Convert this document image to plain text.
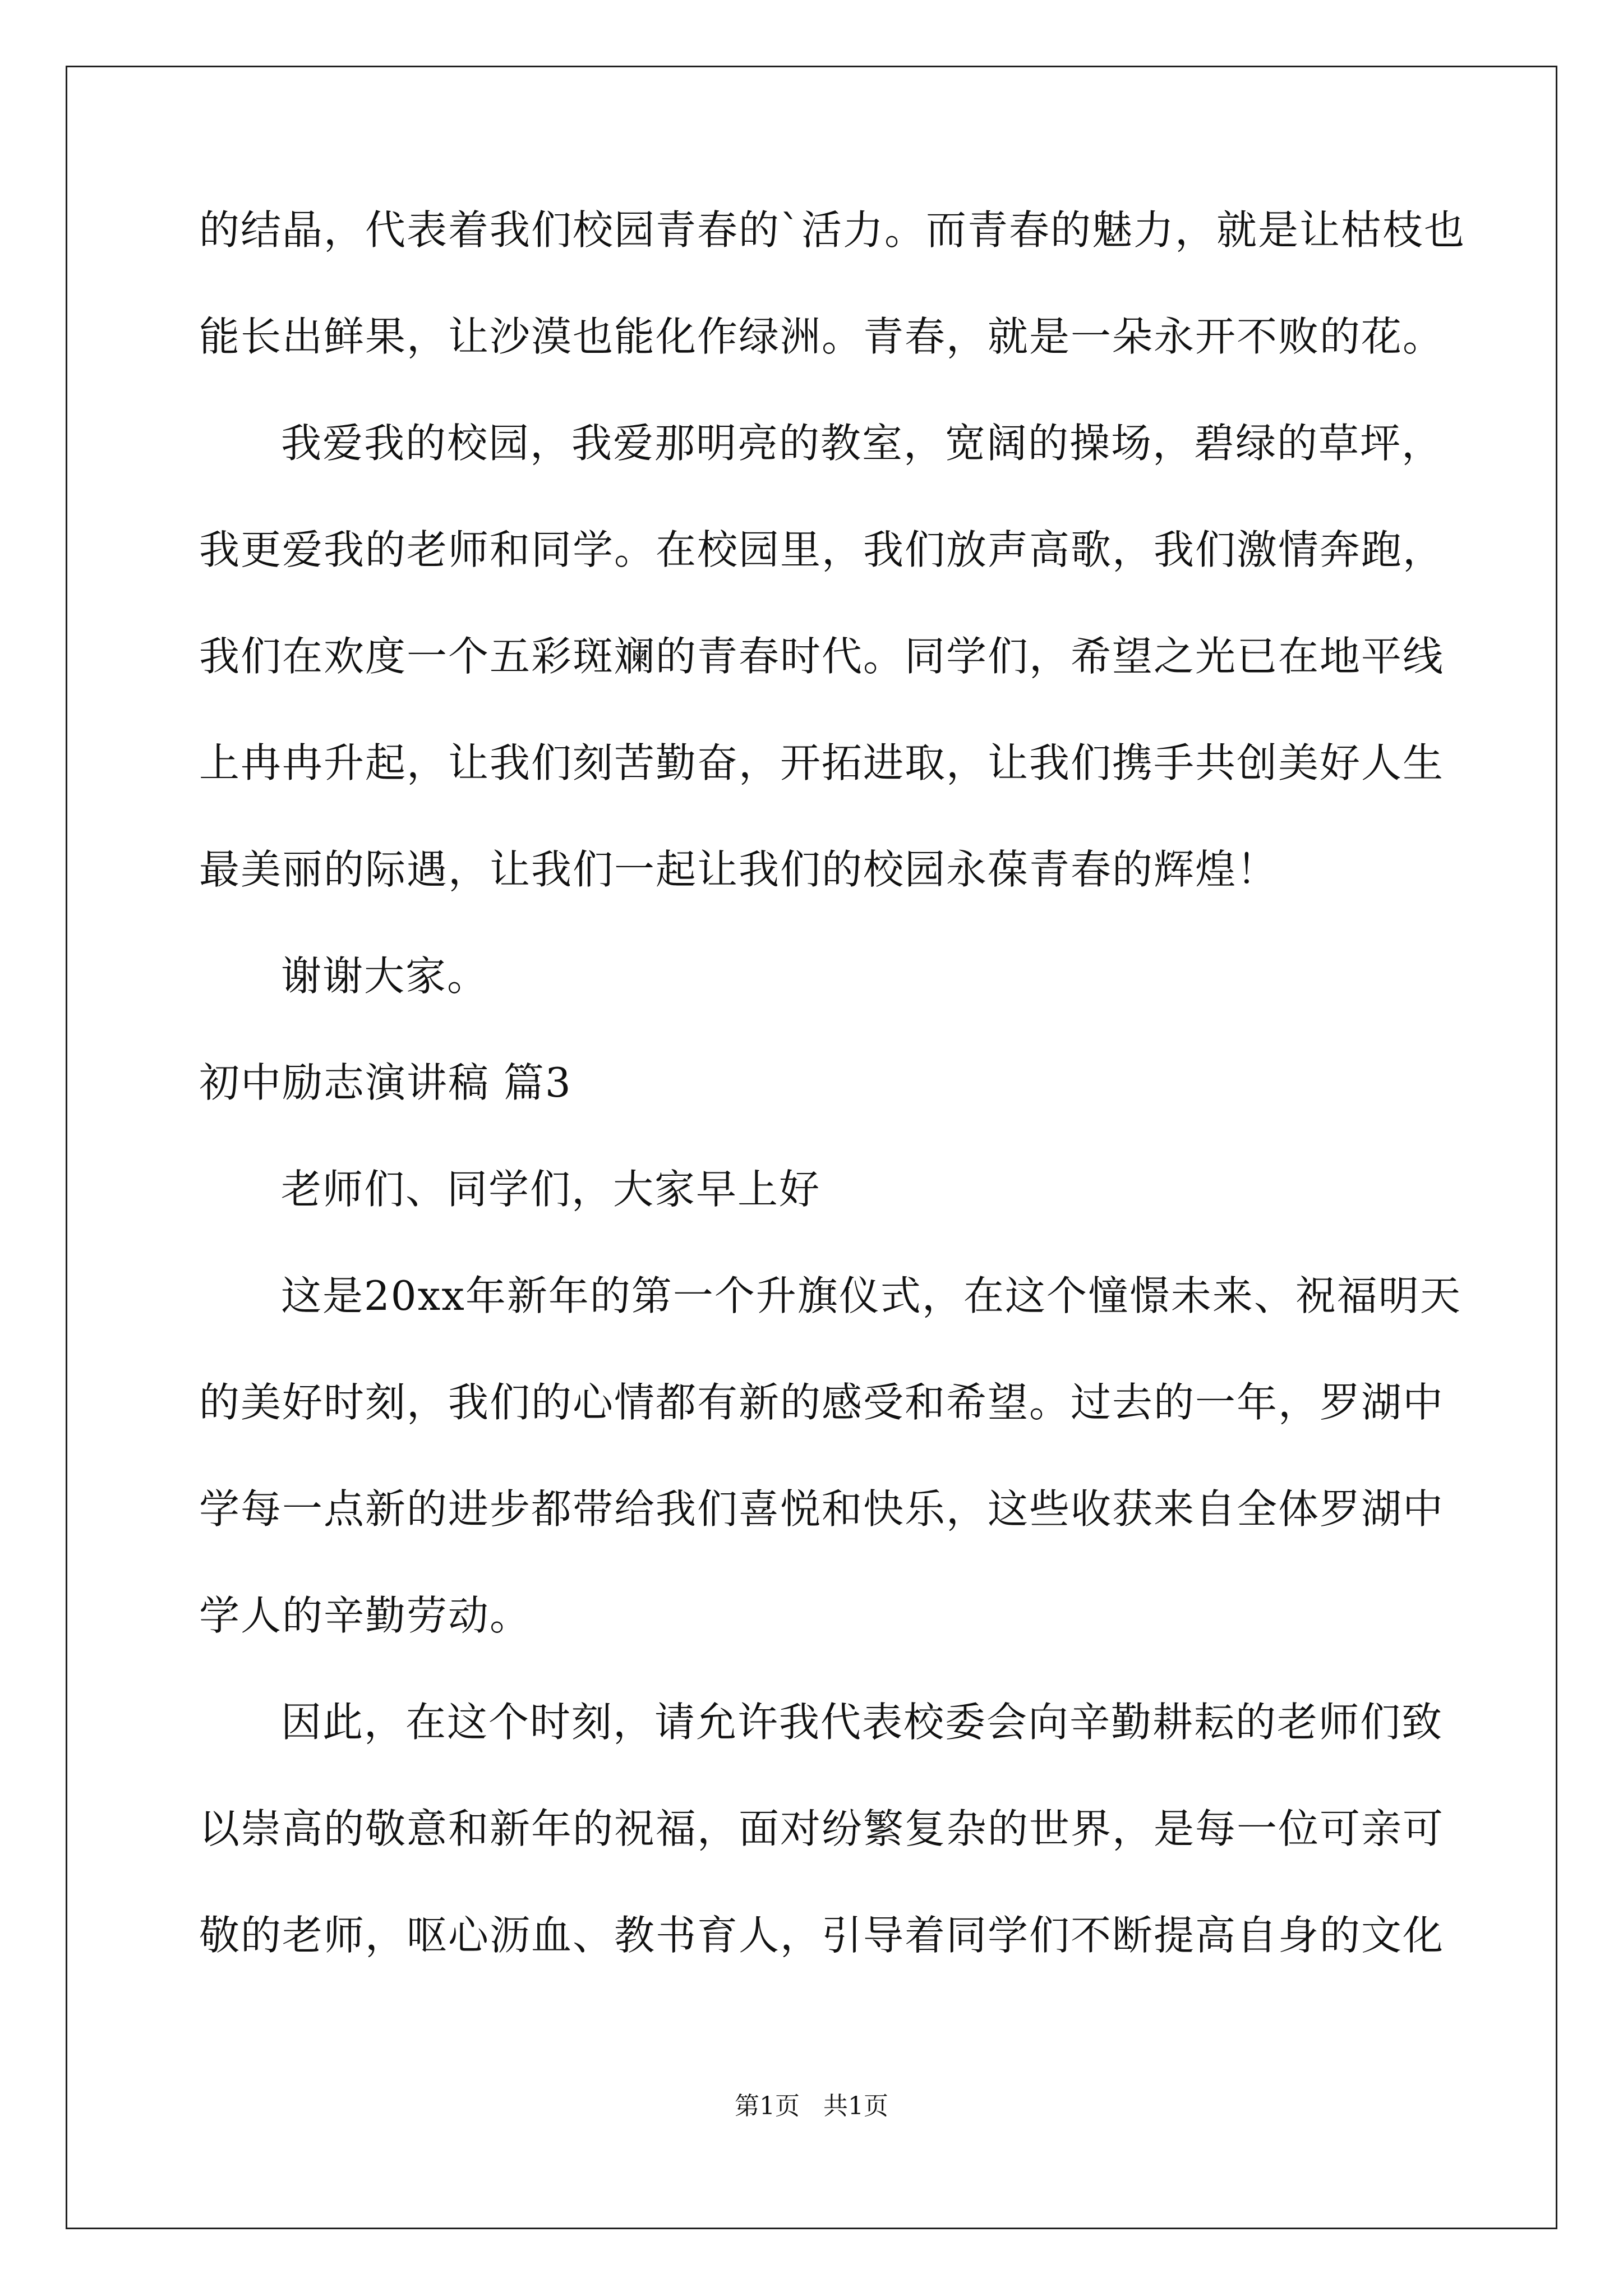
的结晶，代表着我们校园青春的`活力。而青春的魅力，就是让枯枝也
能长出鲜果，让沙漠也能化作绿洲。青春，就是一朵永开不败的花。
我爱我的校园，我爱那明亮的教室，宽阔的操场，碧绿的草坪，
我更爱我的老师和同学。在校园里，我们放声高歌，我们激情奔跑，
我们在欢度一个五彩斑斓的青春时代。同学们，希望之光已在地平线
上冉冉升起，让我们刻苦勤奋，开拓进取，让我们携手共创美好人生
最美丽的际遇，让我们一起让我们的校园永葆青春的辉煌！
谢谢大家。
初中励志演讲稿 篇3
老师们、同学们，大家早上好
这是20xx年新年的第一个升旗仪式，在这个憧憬未来、祝福明天
的美好时刻，我们的心情都有新的感受和希望。过去的一年，罗湖中
学每一点新的进步都带给我们喜悦和快乐，这些收获来自全体罗湖中
学人的辛勤劳动。
因此，在这个时刻，请允许我代表校委会向辛勤耕耘的老师们致
以崇高的敬意和新年的祝福，面对纷繁复杂的世界，是每一位可亲可
敬的老师，呕心沥血、教书育人，引导着同学们不断提高自身的文化
第1页   共1页
